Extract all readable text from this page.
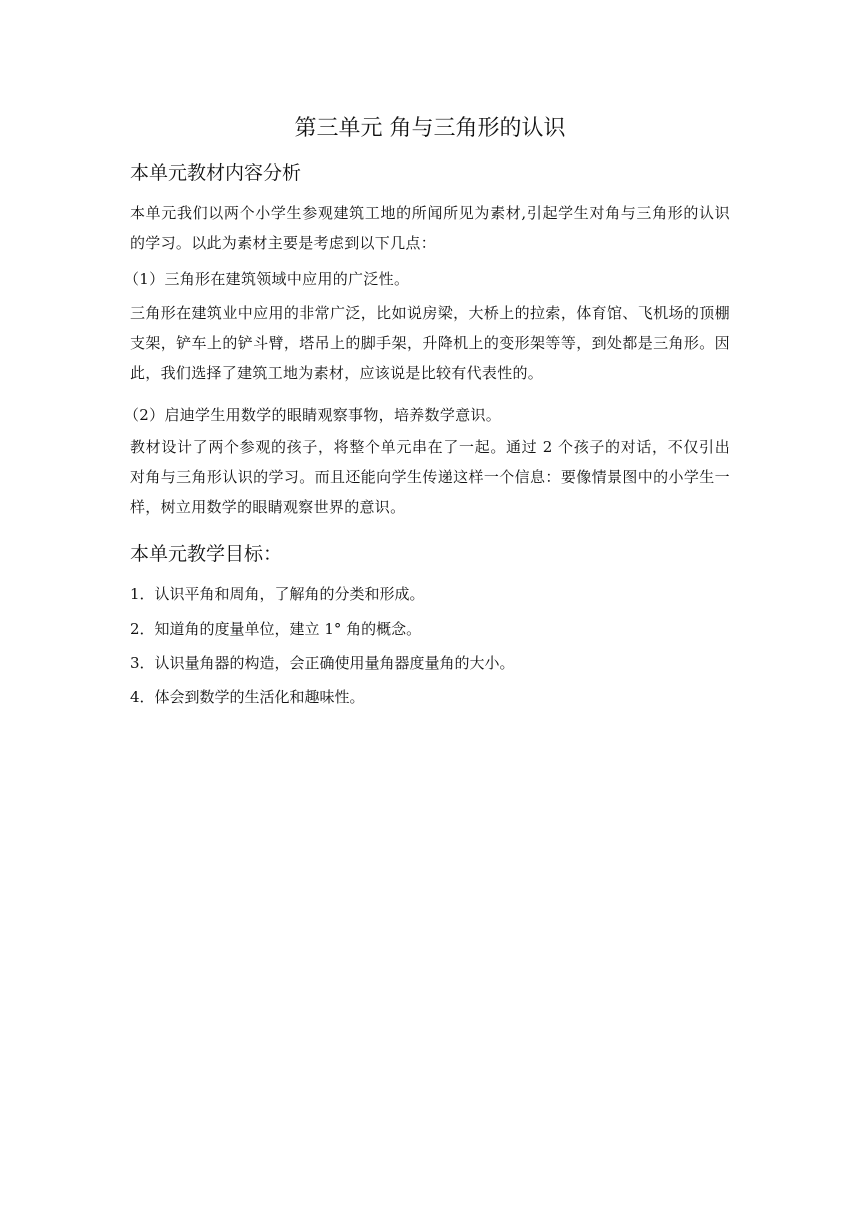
第三单元 角与三角形的认识
本单元教材内容分析
本单元我们以两个小学生参观建筑工地的所闻所见为素材,引起学生对角与三角形的认识的学习。以此为素材主要是考虑到以下几点：
（1）三角形在建筑领域中应用的广泛性。
三角形在建筑业中应用的非常广泛，比如说房梁，大桥上的拉索，体育馆、飞机场的顶棚支架，铲车上的铲斗臂，塔吊上的脚手架，升降机上的变形架等等，到处都是三角形。因此，我们选择了建筑工地为素材，应该说是比较有代表性的。
（2）启迪学生用数学的眼睛观察事物，培养数学意识。
教材设计了两个参观的孩子，将整个单元串在了一起。通过 2 个孩子的对话，不仅引出对角与三角形认识的学习。而且还能向学生传递这样一个信息：要像情景图中的小学生一样，树立用数学的眼睛观察世界的意识。
本单元教学目标：
1．认识平角和周角，了解角的分类和形成。
2．知道角的度量单位，建立 1° 角的概念。
3．认识量角器的构造，会正确使用量角器度量角的大小。
4．体会到数学的生活化和趣味性。
